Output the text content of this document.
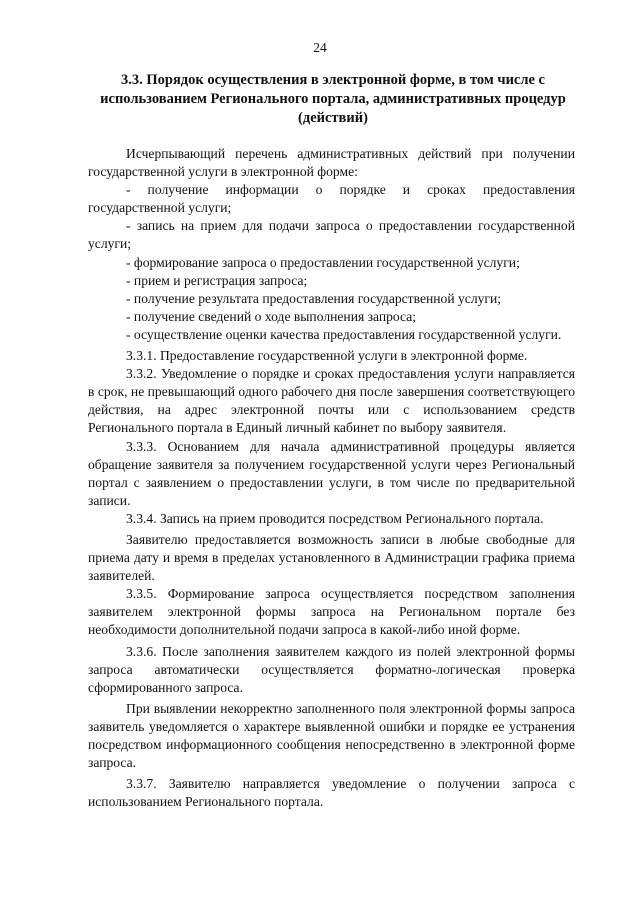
24
3.3. Порядок осуществления в электронной форме, в том числе с использованием Регионального портала, административных процедур (действий)

Исчерпывающий перечень административных действий при получении государственной услуги в электронной форме:

- получение информации о порядке и сроках предоставления государственной услуги;

- запись на прием для подачи запроса о предоставлении государственной услуги;

- формирование запроса о предоставлении государственной услуги;

- прием и регистрация запроса;

- получение результата предоставления государственной услуги;

- получение сведений о ходе выполнения запроса;

- осуществление оценки качества предоставления государственной услуги.

3.3.1. Предоставление государственной услуги в электронной форме.

3.3.2. Уведомление о порядке и сроках предоставления услуги направляется в срок, не превышающий одного рабочего дня после завершения соответствующего действия, на адрес электронной почты или с использованием средств Регионального портала в Единый личный кабинет по выбору заявителя.

3.3.3. Основанием для начала административной процедуры является обращение заявителя за получением государственной услуги через Региональный портал с заявлением о предоставлении услуги, в том числе по предварительной записи.

3.3.4. Запись на прием проводится посредством Регионального портала.

Заявителю предоставляется возможность записи в любые свободные для приема дату и время в пределах установленного в Администрации графика приема заявителей.

3.3.5. Формирование запроса осуществляется посредством заполнения заявителем электронной формы запроса на Региональном портале без необходимости дополнительной подачи запроса в какой-либо иной форме.

3.3.6. После заполнения заявителем каждого из полей электронной формы запроса автоматически осуществляется форматно-логическая проверка сформированного запроса.

При выявлении некорректно заполненного поля электронной формы запроса заявитель уведомляется о характере выявленной ошибки и порядке ее устранения посредством информационного сообщения непосредственно в электронной форме запроса.

3.3.7. Заявителю направляется уведомление о получении запроса с использованием Регионального портала.
